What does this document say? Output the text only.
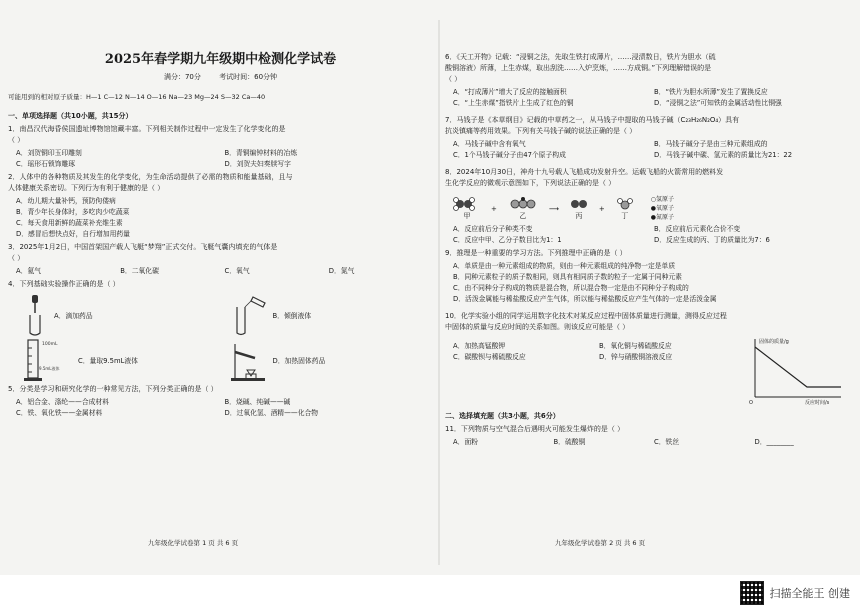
2025年春学期九年级期中检测化学试卷
满分：70分	考试时间：60分钟
可能用到的相对原子质量：H—1 C—12 N—14 O—16 Na—23 Mg—24 S—32 Ca—40
一、单项选择题（共10小题，共15分）
1．南昌汉代海昏侯国遗址博物馆馆藏丰富。下列相关制作过程中一定发生了化学变化的是
（ ）
A．刘贺铜印玉印雕刻	B．青铜编钟材料的冶炼
C．瑶形石锁饰雕琢	D．刘贺夫妇奏牍写字
2．人体中的各种物质及其发生的化学变化，为生命活动提供了必需的物质和能量基础，且与
人体健康关系密切。下列行为有利于健康的是（ ）
A．幼儿期大量补钙，预防佝偻病
B．青少年长身体时，多吃肉少吃蔬菜
C．每天食用新鲜的蔬菜补充维生素
D．感冒后想快点好，自行增加用药量
3．2025年1月2日，中国首架国产载人飞艇“梦翔”正式交付。飞艇气囊内填充的气体是
（ ）
A．氦气	B．二氧化碳	C．氧气	D．氮气
4．下列基础实验操作正确的是（ ）
A．滴加药品	B．倾倒液体
100mL
9.5mL液体
C．量取9.5mL液体	D．加热固体药品
5．分类是学习和研究化学的一种常见方法，下列分类正确的是（ ）
A．铝合金、涤纶——合成材料	B．烧碱、纯碱——碱
C．铁、氧化铁——金属材料	D．过氧化氢、酒精——化合物
九年级化学试卷第 1 页 共 6 页
6．《天工开物》记载：“浸铜之法，先取生铁打成薄片，……浸渍数日，铁片为胆水（硫
酸铜溶液）所薄，上生赤煤，取出刮洗……入炉烹炼，……方成铜。”下列理解错误的是
（ ）
A．“打成薄片”增大了反应的接触面积	B．“铁片为胆水所薄”发生了置换反应
C．“上生赤煤”指铁片上生成了红色的铜	D．“浸铜之法”可知铁的金属活动性比铜强
7．马钱子是《本草纲目》记载的中草药之一，从马钱子中提取的马钱子碱（C₂₃H₂₆N₂O₄）具有
抗炎镇痛等药用效果。下列有关马钱子碱的说法正确的是（ ）
A．马钱子碱中含有氧气	B．马钱子碱分子是由三种元素组成的
C．1个马钱子碱分子由47个原子构成	D．马钱子碱中碳、氢元素的质量比为21：22
8．2024年10月30日，神舟十九号载人飞船成功发射升空。运载飞船的火箭常用的燃料发
生化学反应的微观示意图如下，下列说法正确的是（ ）
甲
+
乙
⟶
丙
+
丁
○氢原子
●氧原子
●氮原子
A．反应前后分子种类不变	B．反应前后元素化合价不变
C．反应中甲、乙分子数目比为1：1	D．反应生成的丙、丁的质量比为7：6
9．推理是一种重要的学习方法。下列推理中正确的是（ ）
A．单质是由一种元素组成的物质，则由一种元素组成的纯净物一定是单质
B．同种元素粒子的质子数相同，则具有相同质子数的粒子一定属于同种元素
C．由不同种分子构成的物质是混合物，所以混合物一定是由不同种分子构成的
D．活泼金属能与稀盐酸反应产生气体，所以能与稀盐酸反应产生气体的一定是活泼金属
10．化学实验小组的同学运用数字化技术对某反应过程中固体质量进行测量，测得反应过程
中固体的质量与反应时间的关系如图。则该反应可能是（ ）
A．加热高锰酸钾	B．氧化铜与稀硫酸反应
C．碳酸钡与稀硫酸反应	D．锌与硝酸铜溶液反应
固体的质量/g
反应时间/s
O
二、选择填充题（共3小题，共6分）
11．下列物质与空气混合后遇明火可能发生爆炸的是（ ）
A．面粉	B．硫酸铜	C．铁丝	D．________
九年级化学试卷第 2 页 共 6 页
扫描全能王 创建
